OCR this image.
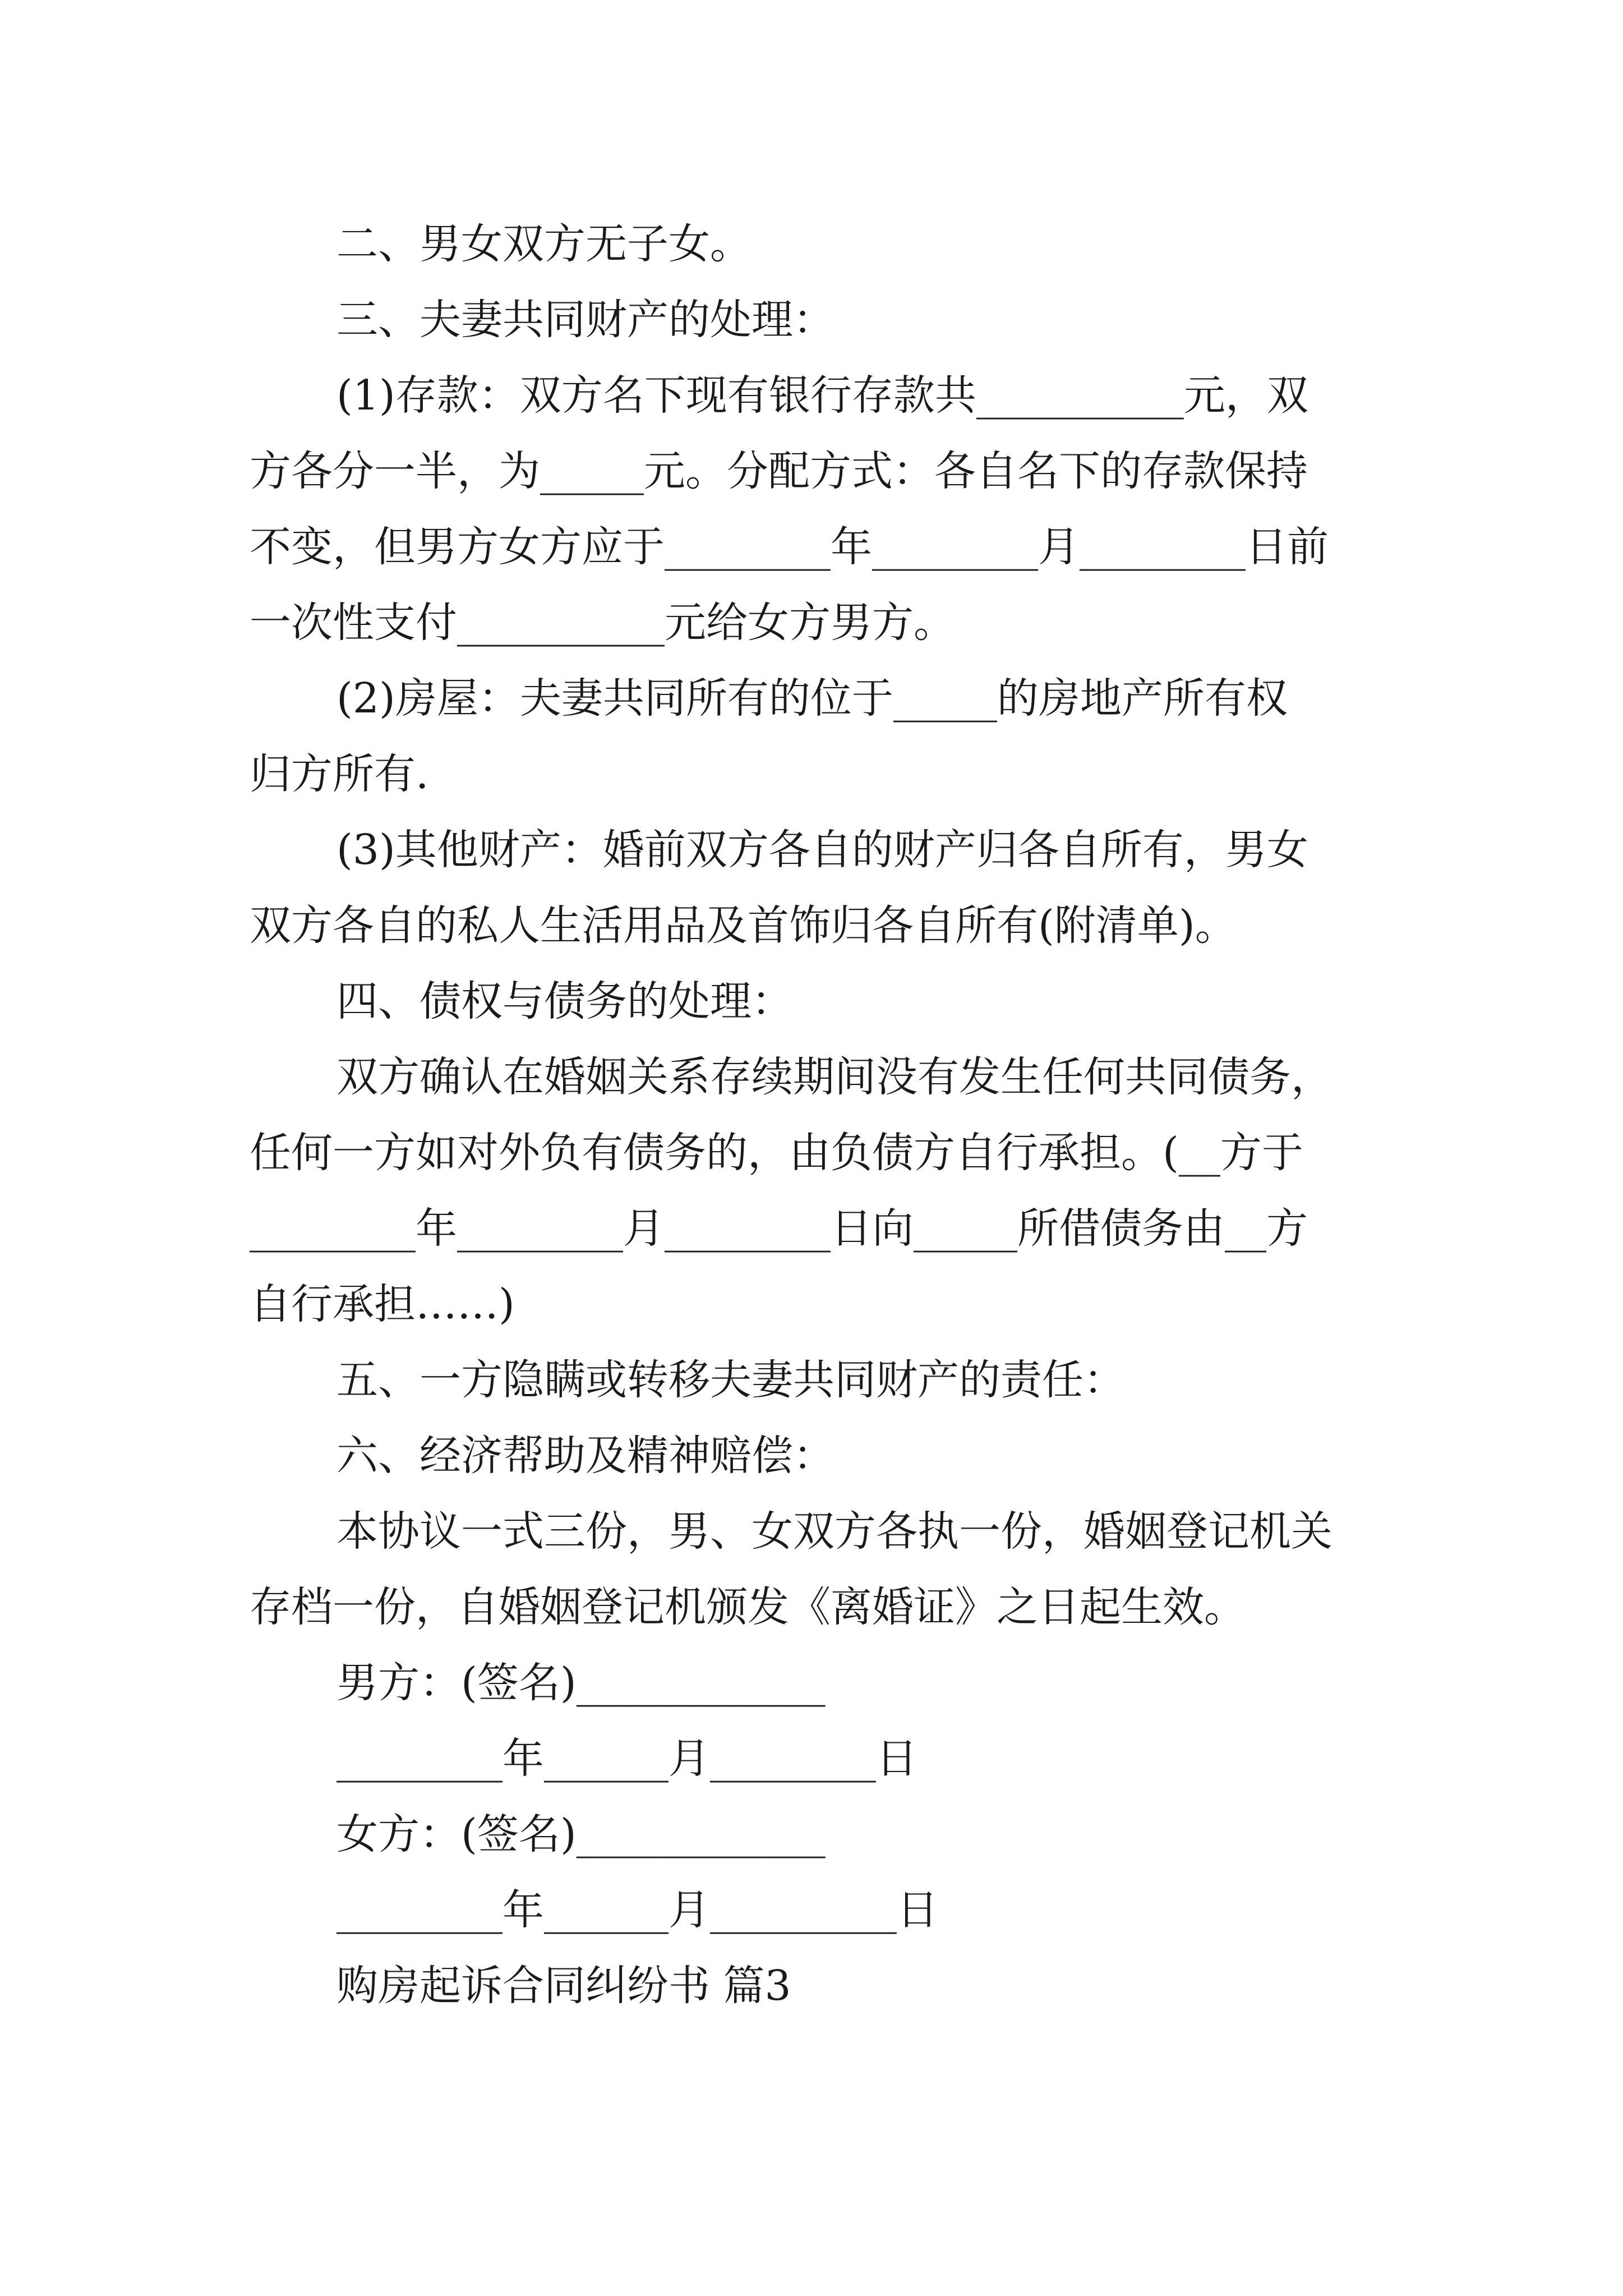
二、男女双方无子女。
三、夫妻共同财产的处理：
(1)存款：双方名下现有银行存款共__________元，双
方各分一半，为_____元。分配方式：各自名下的存款保持
不变，但男方女方应于________年________月________日前
一次性支付__________元给女方男方。
(2)房屋：夫妻共同所有的位于_____的房地产所有权
归方所有.
(3)其他财产：婚前双方各自的财产归各自所有，男女
双方各自的私人生活用品及首饰归各自所有(附清单)。
四、债权与债务的处理：
双方确认在婚姻关系存续期间没有发生任何共同债务，
任何一方如对外负有债务的，由负债方自行承担。(__方于
________年________月________日向_____所借债务由__方
自行承担……)
五、一方隐瞒或转移夫妻共同财产的责任：
六、经济帮助及精神赔偿：
本协议一式三份，男、女双方各执一份，婚姻登记机关
存档一份，自婚姻登记机颁发《离婚证》之日起生效。
男方：(签名)____________
________年______月________日
女方：(签名)____________
________年______月_________日
购房起诉合同纠纷书 篇3
